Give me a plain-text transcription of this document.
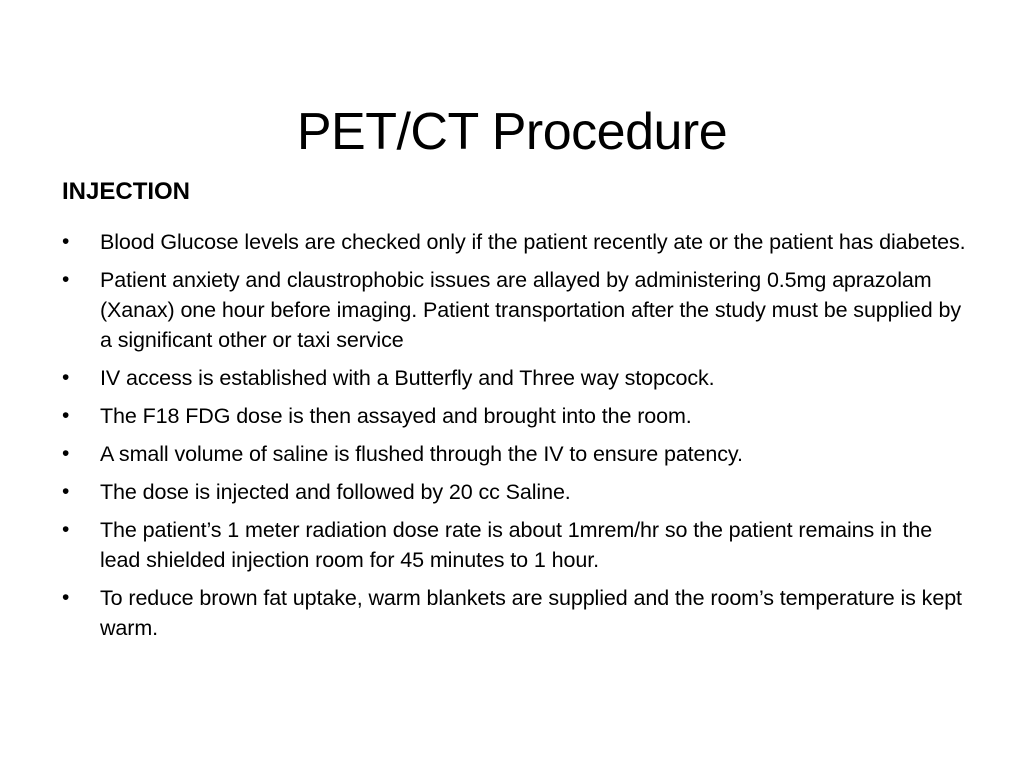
PET/CT Procedure
INJECTION
•	Blood Glucose levels are checked only if the patient recently ate or the patient has diabetes.
•	Patient anxiety and claustrophobic issues are allayed by administering 0.5mg aprazolam (Xanax) one hour before imaging. Patient transportation after the study must be supplied by a significant other or taxi service
•	IV access is established with a Butterfly and Three way stopcock.
•	The F18 FDG dose is then assayed and brought into the room.
•	A small volume of saline is flushed through the IV to ensure patency.
•	The dose is injected and followed by 20 cc Saline.
•	The patient’s 1 meter radiation dose rate is about 1mrem/hr so the patient remains in the lead shielded injection room for 45 minutes to 1 hour.
•	To reduce brown fat uptake, warm blankets are supplied and the room’s temperature is kept warm.
